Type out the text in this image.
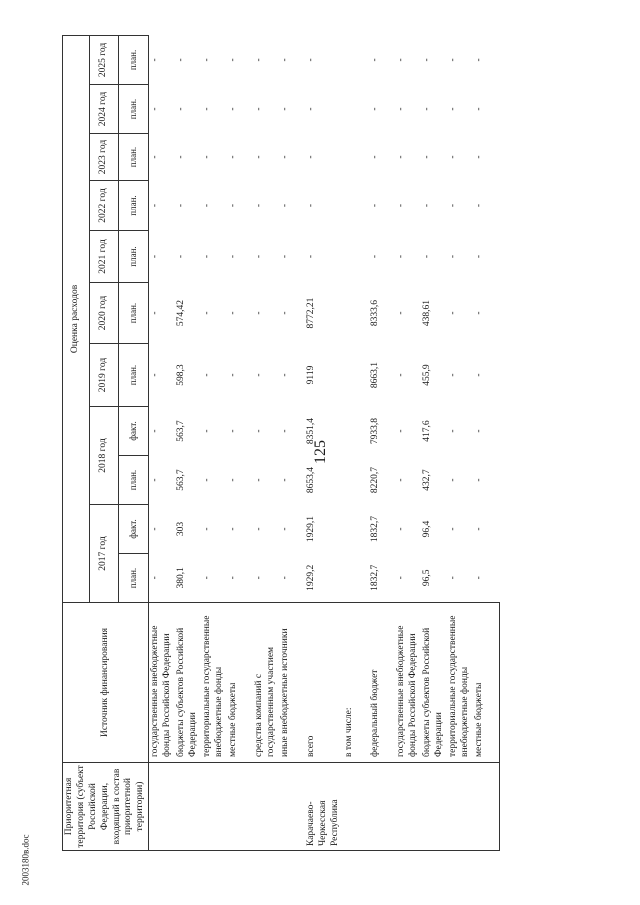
125
2003180в.doc
Приоритетная территория (субъект Российской Федерации, входящий в состав приоритетной территории)	Источник финансирования	Оценка расходов										
		2017 год		2018 год		2019 год	2020 год	2021 год	2022 год	2023 год	2024 год	2025 год
		план.	факт.	план.	факт.	план.	план.	план.	план.	план.	план.	план.
	государственные внебюджетные фонды Российской Федерации	-	-	-	-	-	-	-	-	-	-	-
	бюджеты субъектов Российской Федерации	380,1	303	563,7	563,7	598,3	574,42	-	-	-	-	-
	территориальные государственные внебюджетные фонды	-	-	-	-	-	-	-	-	-	-	-
	местные бюджеты	-	-	-	-	-	-	-	-	-	-	-
	средства компаний с государственным участием	-	-	-	-	-	-	-	-	-	-	-
	иные внебюджетные источники	-	-	-	-	-	-	-	-	-	-	-
Карачаево-Черкесская Республика	всего	1929,2	1929,1	8653,4	8351,4	9119	8772,21	-	-	-	-	-
	в том числе:											
	федеральный бюджет	1832,7	1832,7	8220,7	7933,8	8663,1	8333,6	-	-	-	-	-
	государственные внебюджетные фонды Российской Федерации	-	-	-	-	-	-	-	-	-	-	-
	бюджеты субъектов Российской Федерации	96,5	96,4	432,7	417,6	455,9	438,61	-	-	-	-	-
	территориальные государственные внебюджетные фонды	-	-	-	-	-	-	-	-	-	-	-
	местные бюджеты	-	-	-	-	-	-	-	-	-	-	-
